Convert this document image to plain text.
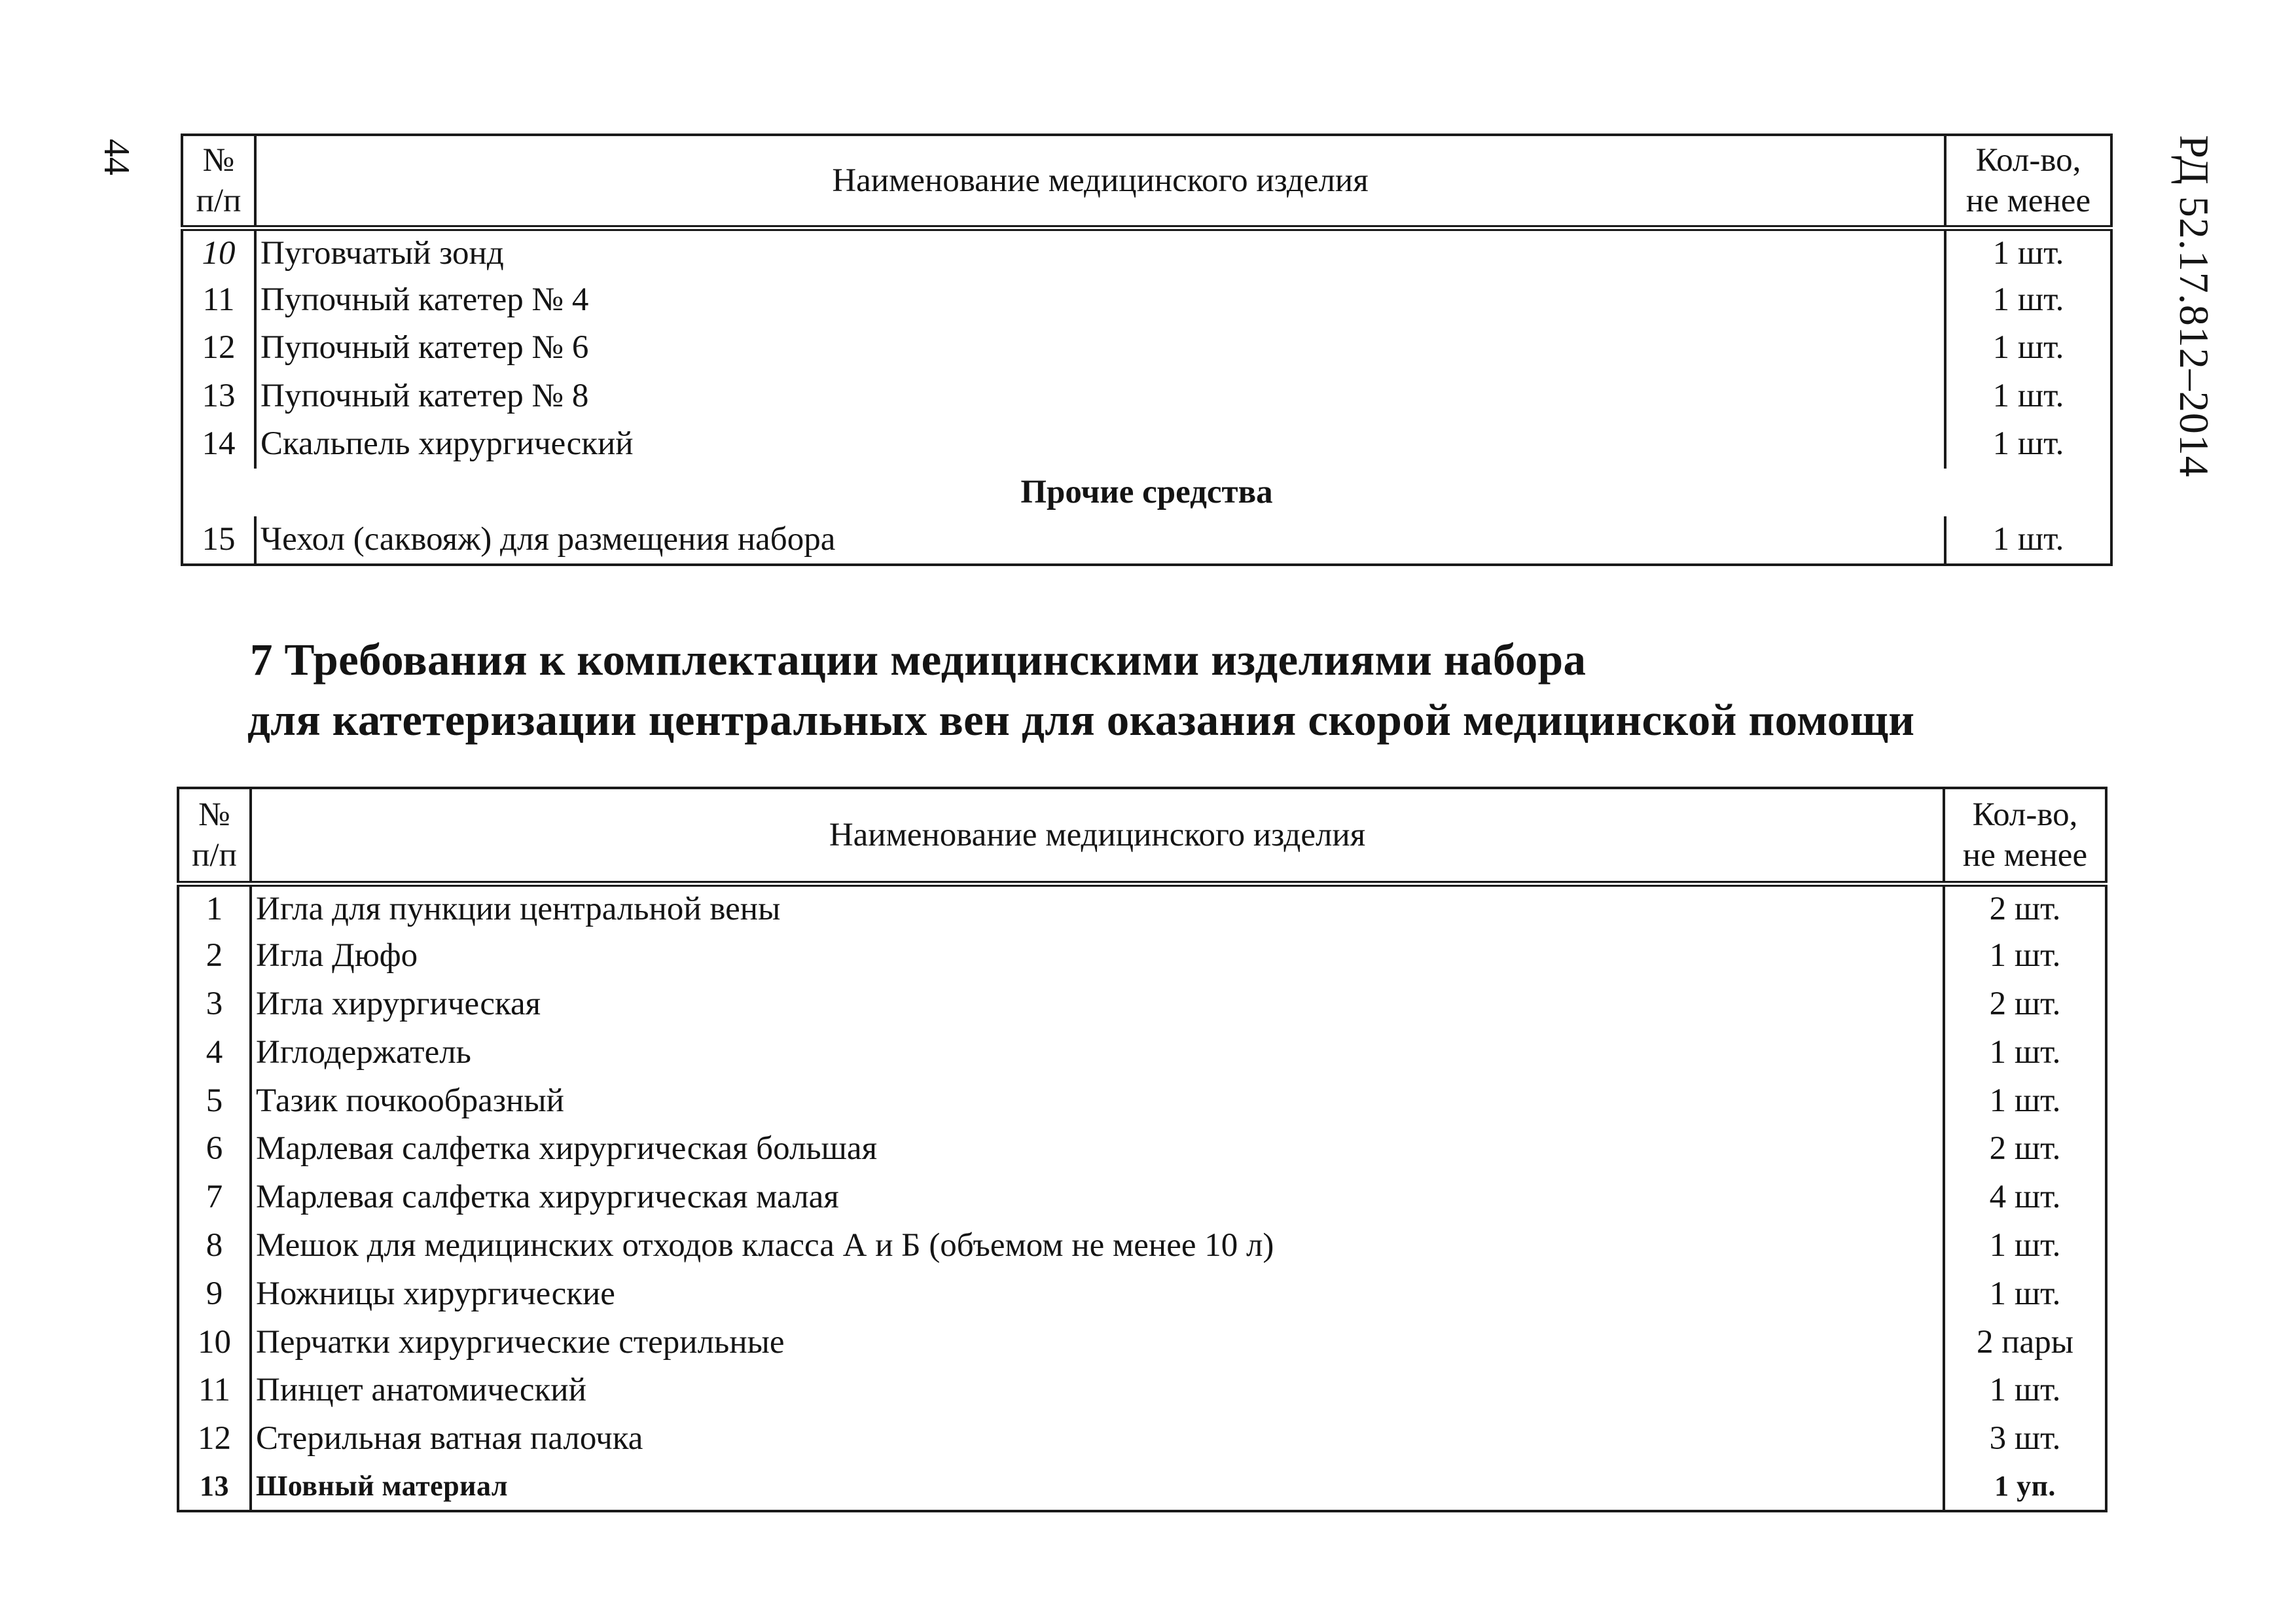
44	РД 52.17.812–2014
№
п/п	Наименование медицинского изделия	Кол-во,
не менее
10	Пуговчатый зонд	1 шт.
11	Пупочный катетер № 4	1 шт.
12	Пупочный катетер № 6	1 шт.
13	Пупочный катетер № 8	1 шт.
14	Скальпель хирургический	1 шт.
Прочие средства		
15	Чехол (саквояж) для размещения набора	1 шт.
7 Требования к комплектации медицинскими изделиями набора
для катетеризации центральных вен для оказания скорой медицинской помощи
№
п/п	Наименование медицинского изделия	Кол-во,
не менее
1	Игла для пункции центральной вены	2 шт.
2	Игла Дюфо	1 шт.
3	Игла хирургическая	2 шт.
4	Иглодержатель	1 шт.
5	Тазик почкообразный	1 шт.
6	Марлевая салфетка хирургическая большая	2 шт.
7	Марлевая салфетка хирургическая малая	4 шт.
8	Мешок для медицинских отходов класса А и Б (объемом не менее 10 л)	1 шт.
9	Ножницы хирургические	1 шт.
10	Перчатки хирургические стерильные	2 пары
11	Пинцет анатомический	1 шт.
12	Стерильная ватная палочка	3 шт.
13	Шовный материал	1 уп.
